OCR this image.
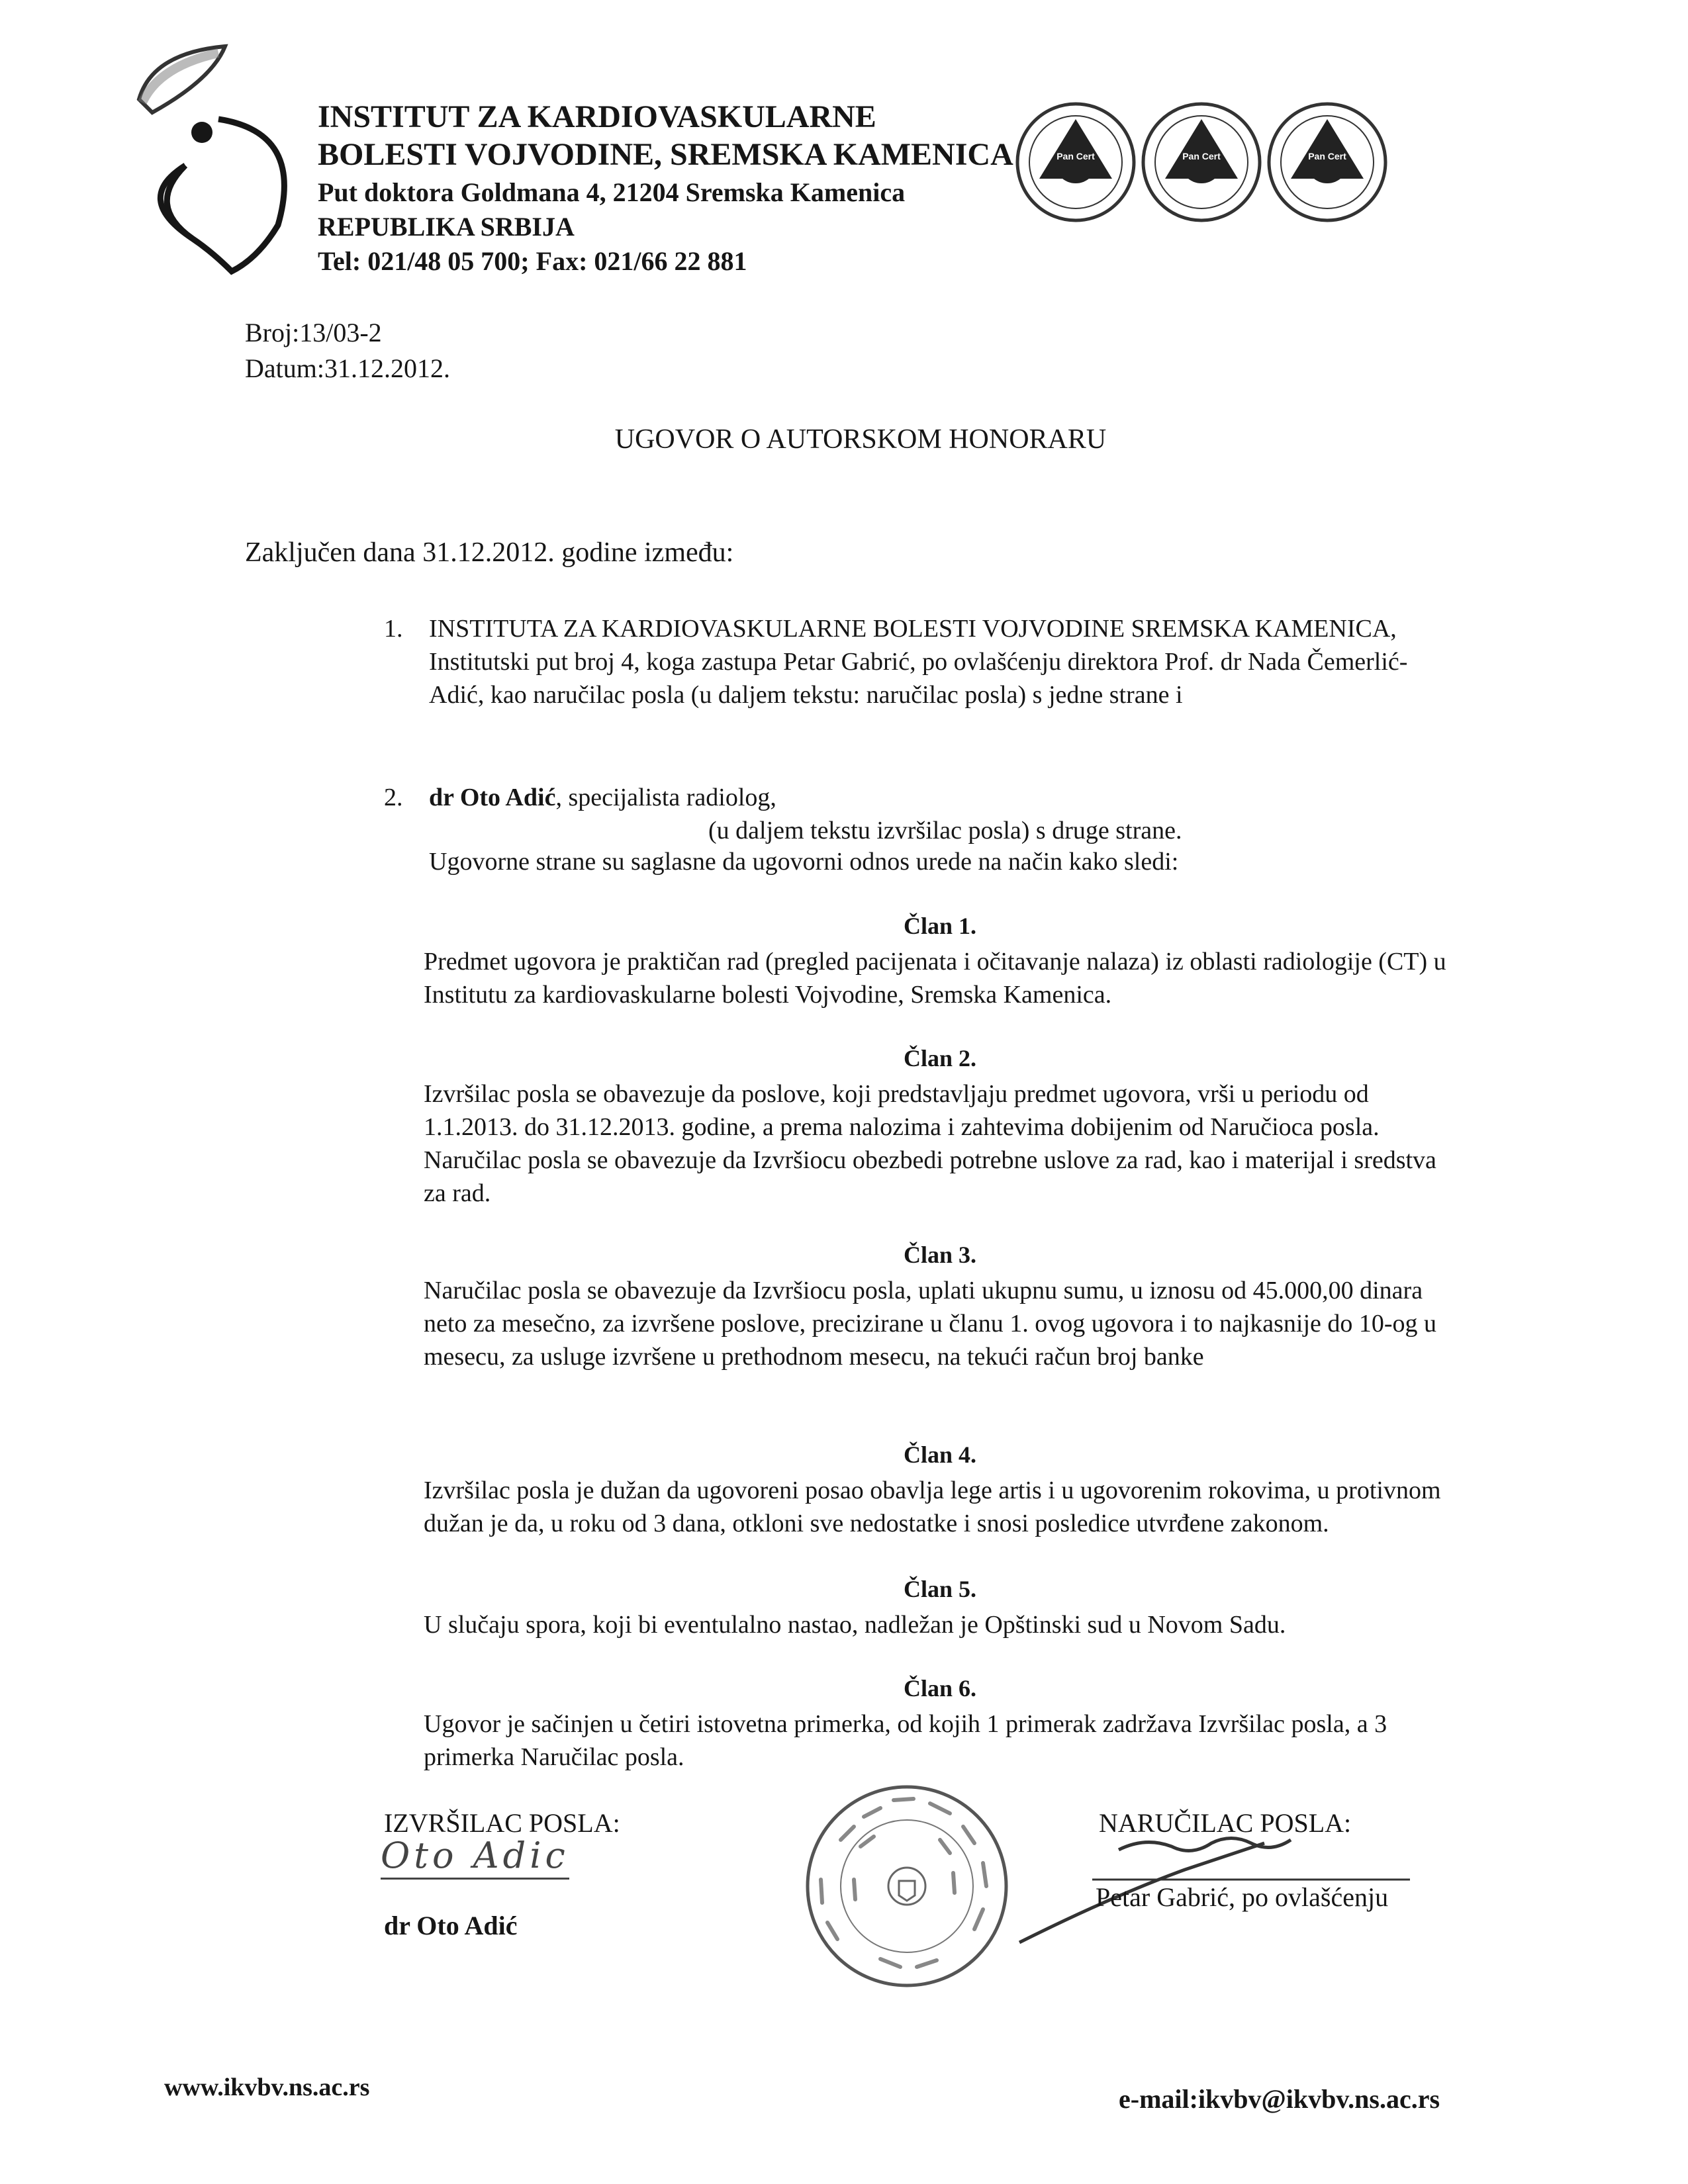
INSTITUT ZA KARDIOVASKULARNE
BOLESTI VOJVODINE, SREMSKA KAMENICA
Put doktora Goldmana 4, 21204 Sremska Kamenica
REPUBLIKA SRBIJA
Tel: 021/48 05 700; Fax: 021/66 22 881
Pan Cert	Pan Cert	Pan Cert
Broj:13/03-2
Datum:31.12.2012.
UGOVOR O AUTORSKOM HONORARU
Zaključen dana 31.12.2012. godine između:
1. INSTITUTA ZA KARDIOVASKULARNE BOLESTI VOJVODINE SREMSKA KAMENICA, Institutski put broj 4, koga zastupa Petar Gabrić, po ovlašćenju direktora Prof. dr Nada Čemerlić-Adić, kao naručilac posla (u daljem tekstu: naručilac posla) s jedne strane i
2. dr Oto Adić, specijalista radiolog,
(u daljem tekstu izvršilac posla) s druge strane.
Ugovorne strane su saglasne da ugovorni odnos urede na način kako sledi:
Član 1.

Predmet ugovora je praktičan rad (pregled pacijenata i očitavanje nalaza) iz oblasti radiologije (CT) u Institutu za kardiovaskularne bolesti Vojvodine, Sremska Kamenica.

Član 2.

Izvršilac posla se obavezuje da poslove, koji predstavljaju predmet ugovora, vrši u periodu od 1.1.2013. do 31.12.2013. godine, a prema nalozima i zahtevima dobijenim od Naručioca posla.

Naručilac posla se obavezuje da Izvršiocu obezbedi potrebne uslove za rad, kao i materijal i sredstva za rad.

Član 3.

Naručilac posla se obavezuje da Izvršiocu posla, uplati ukupnu sumu, u iznosu od 45.000,00 dinara neto za mesečno, za izvršene poslove, precizirane u članu 1. ovog ugovora i to najkasnije do 10-og u mesecu, za usluge izvršene u prethodnom mesecu, na tekući račun broj banke

Član 4.

Izvršilac posla je dužan da ugovoreni posao obavlja lege artis i u ugovorenim rokovima, u protivnom dužan je da, u roku od 3 dana, otkloni sve nedostatke i snosi posledice utvrđene zakonom.

Član 5.

U slučaju spora, koji bi eventulalno nastao, nadležan je Opštinski sud u Novom Sadu.

Član 6.

Ugovor je sačinjen u četiri istovetna primerka, od kojih 1 primerak zadržava Izvršilac posla, a 3 primerka Naručilac posla.

IZVRŠILAC POSLA:
Oto Adic
dr Oto Adić
NARUČILAC POSLA:
Petar Gabrić, po ovlašćenju
www.ikvbv.ns.ac.rs	e-mail:ikvbv@ikvbv.ns.ac.rs
